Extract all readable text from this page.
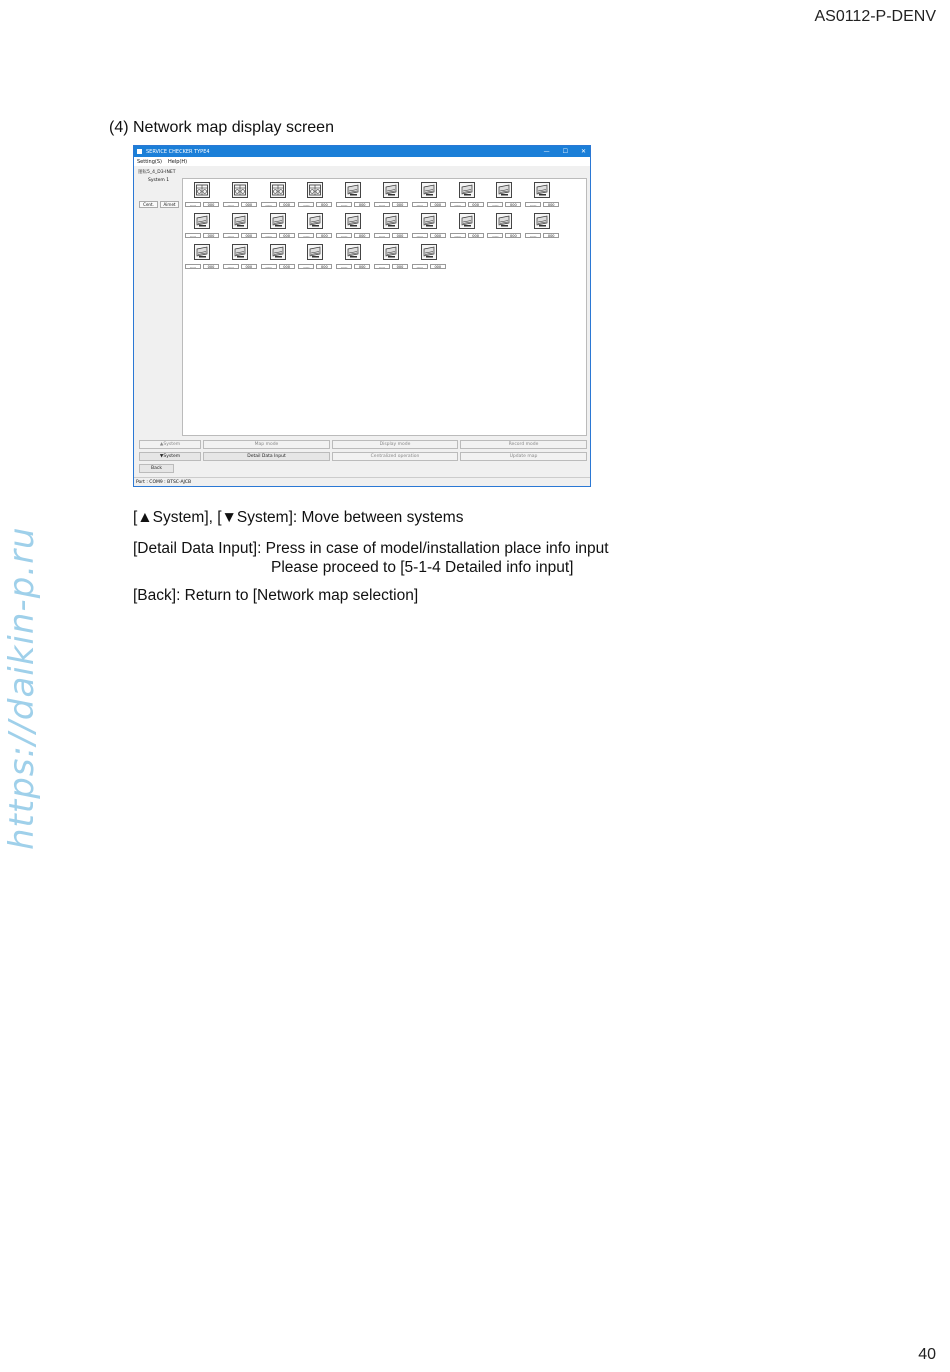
AS0112-P-DENV
https://daikin-p.ru
(4) Network map display screen
SERVICE CHECKER TYPE4	— ☐ ✕
Setting(S) Help(H)
運転5_4_D3-INET
System 1
Cent.	Airnet	-----	000	-----	000	-----	000	-----	000	-----	000	-----	000	-----	000	-----	000	-----	000	-----	000
-----	000	-----	000	-----	000	-----	000	-----	000	-----	000	-----	000	-----	000	-----	000	-----	000
-----	000	-----	000	-----	000	-----	000	-----	000	-----	000	-----	000
▲System	Map mode	Display mode	Record mode
▼System	Detail Data Input	Centralized operation	Update map
Back
Port : COM9 : BTSC-AJCB
[▲System], [▼System]: Move between systems
[Detail Data Input]: Press in case of model/installation place info input
Please proceed to [5-1-4 Detailed info input]
[Back]: Return to [Network map selection]
40
